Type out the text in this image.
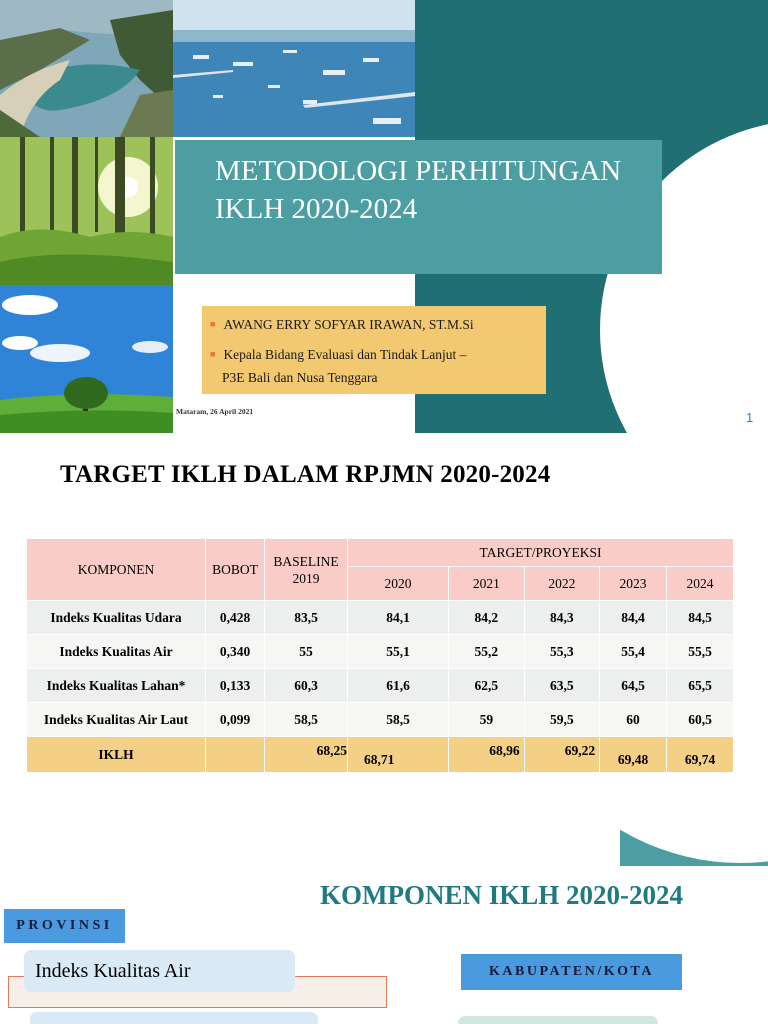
METODOLOGI PERHITUNGAN IKLH 2020-2024
■ AWANG ERRY SOFYAR IRAWAN, ST.M.Si
■ Kepala Bidang Evaluasi dan Tindak Lanjut –
P3E Bali dan Nusa Tenggara
Mataram, 26 April 2021	1
TARGET IKLH DALAM RPJMN 2020-2024
KOMPONEN	BOBOT	BASELINE
2019	TARGET/PROYEKSI				
			2020	2021	2022	2023	2024
Indeks Kualitas Udara	0,428	83,5	84,1	84,2	84,3	84,4	84,5
Indeks Kualitas Air	0,340	55	55,1	55,2	55,3	55,4	55,5
Indeks Kualitas Lahan*	0,133	60,3	61,6	62,5	63,5	64,5	65,5
Indeks Kualitas Air Laut	0,099	58,5	58,5	59	59,5	60	60,5
IKLH		68,25	68,71	68,96	69,22	69,48	69,74
KOMPONEN IKLH 2020-2024
PROVINSI
Indeks Kualitas Air	KABUPATEN/KOTA
